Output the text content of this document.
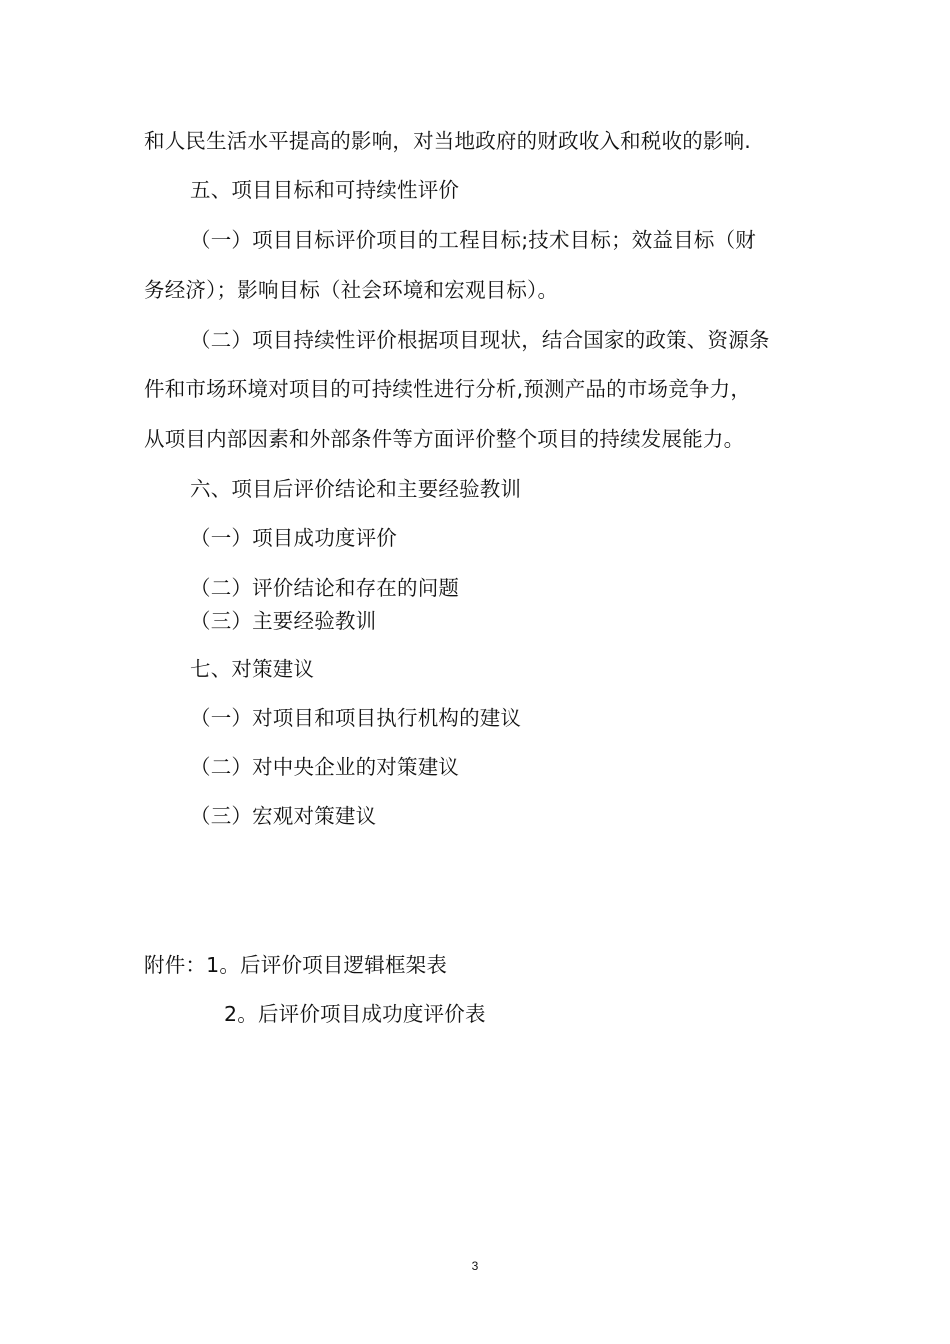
和人民生活水平提高的影响，对当地政府的财政收入和税收的影响.
五、项目目标和可持续性评价
（一）项目目标评价项目的工程目标;技术目标；效益目标（财
务经济）；影响目标（社会环境和宏观目标）。
（二）项目持续性评价根据项目现状，结合国家的政策、资源条
件和市场环境对项目的可持续性进行分析,预测产品的市场竞争力，
从项目内部因素和外部条件等方面评价整个项目的持续发展能力。
六、项目后评价结论和主要经验教训
（一）项目成功度评价
（二）评价结论和存在的问题
（三）主要经验教训
七、对策建议
（一）对项目和项目执行机构的建议
（二）对中央企业的对策建议
（三）宏观对策建议
附件：1。后评价项目逻辑框架表
2。后评价项目成功度评价表
3
